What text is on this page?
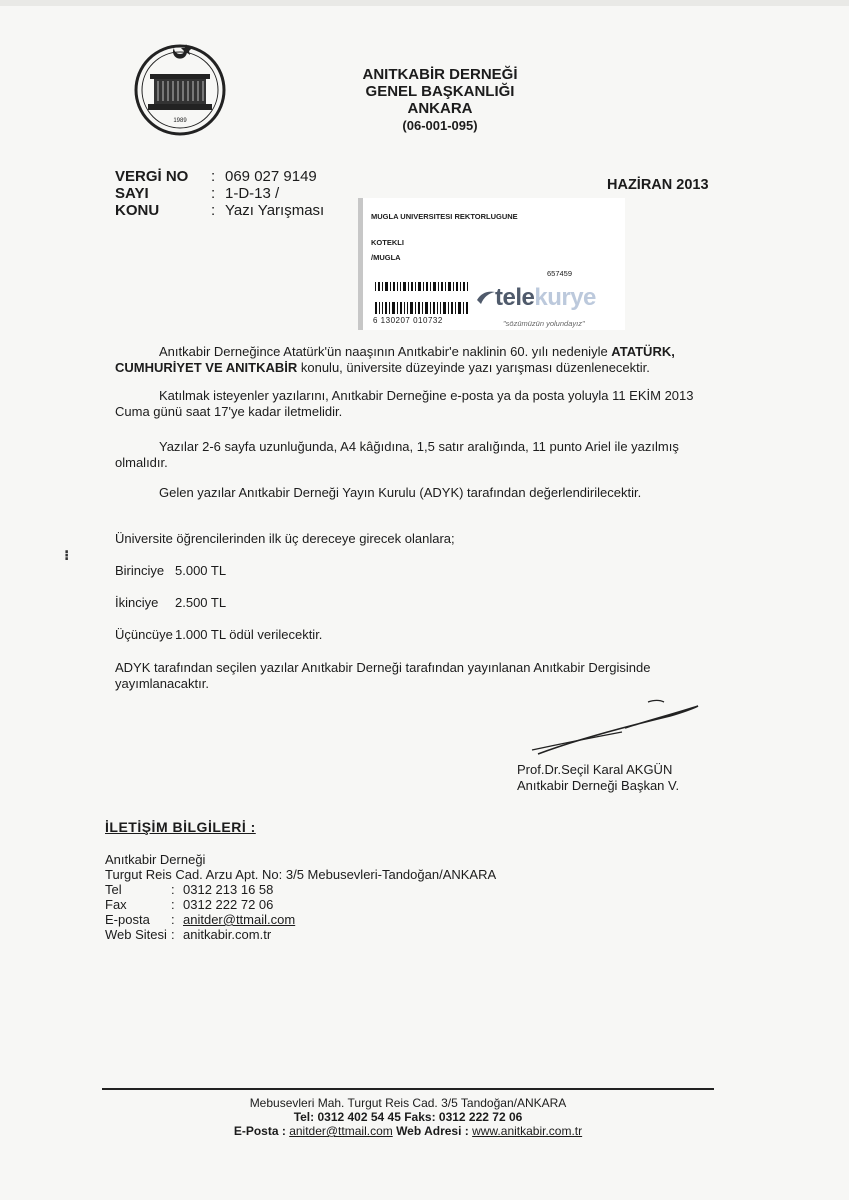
1989
ANITKABİR DERNEĞİ
GENEL BAŞKANLIĞI
ANKARA
(06-001-095)
VERGİ NO	: 069 027 9149
SAYI	: 1-D-13 /
KONU	: Yazı Yarışması
HAZİRAN 2013
MUGLA UNIVERSITESI REKTORLUGUNE
KOTEKLI
/MUGLA
657459
6 130207 010732
telekurye
"sözümüzün yolundayız"
Anıtkabir Derneğince Atatürk'ün naaşının Anıtkabir'e naklinin 60. yılı nedeniyle ATATÜRK, CUMHURİYET VE ANITKABİR konulu, üniversite düzeyinde yazı yarışması düzenlenecektir.
Katılmak isteyenler yazılarını, Anıtkabir Derneğine e-posta ya da posta yoluyla 11 EKİM 2013 Cuma günü saat 17'ye kadar iletmelidir.
Yazılar 2-6 sayfa uzunluğunda, A4 kâğıdına, 1,5 satır aralığında, 11 punto Ariel ile yazılmış olmalıdır.
Gelen yazılar Anıtkabir Derneği Yayın Kurulu (ADYK) tarafından değerlendirilecektir.
Üniversite öğrencilerinden ilk üç dereceye girecek olanlara;
Birinciye 5.000 TL
İkinciye	2.500 TL
Üçüncüye 1.000 TL ödül verilecektir.
ADYK tarafından seçilen yazılar Anıtkabir Derneği tarafından yayınlanan Anıtkabir Dergisinde yayımlanacaktır.
⁝
Prof.Dr.Seçil Karal AKGÜN
Anıtkabir Derneği Başkan V.
İLETİŞİM BİLGİLERİ :
Anıtkabir Derneği
Turgut Reis Cad. Arzu Apt. No: 3/5 Mebusevleri-Tandoğan/ANKARA
Tel	: 0312 213 16 58
Fax	: 0312 222 72 06
E-posta	: anitder@ttmail.com
Web Sitesi : anitkabir.com.tr
Mebusevleri Mah. Turgut Reis Cad. 3/5 Tandoğan/ANKARA
Tel: 0312 402 54 45 Faks: 0312 222 72 06
E-Posta : anitder@ttmail.com Web Adresi : www.anitkabir.com.tr
